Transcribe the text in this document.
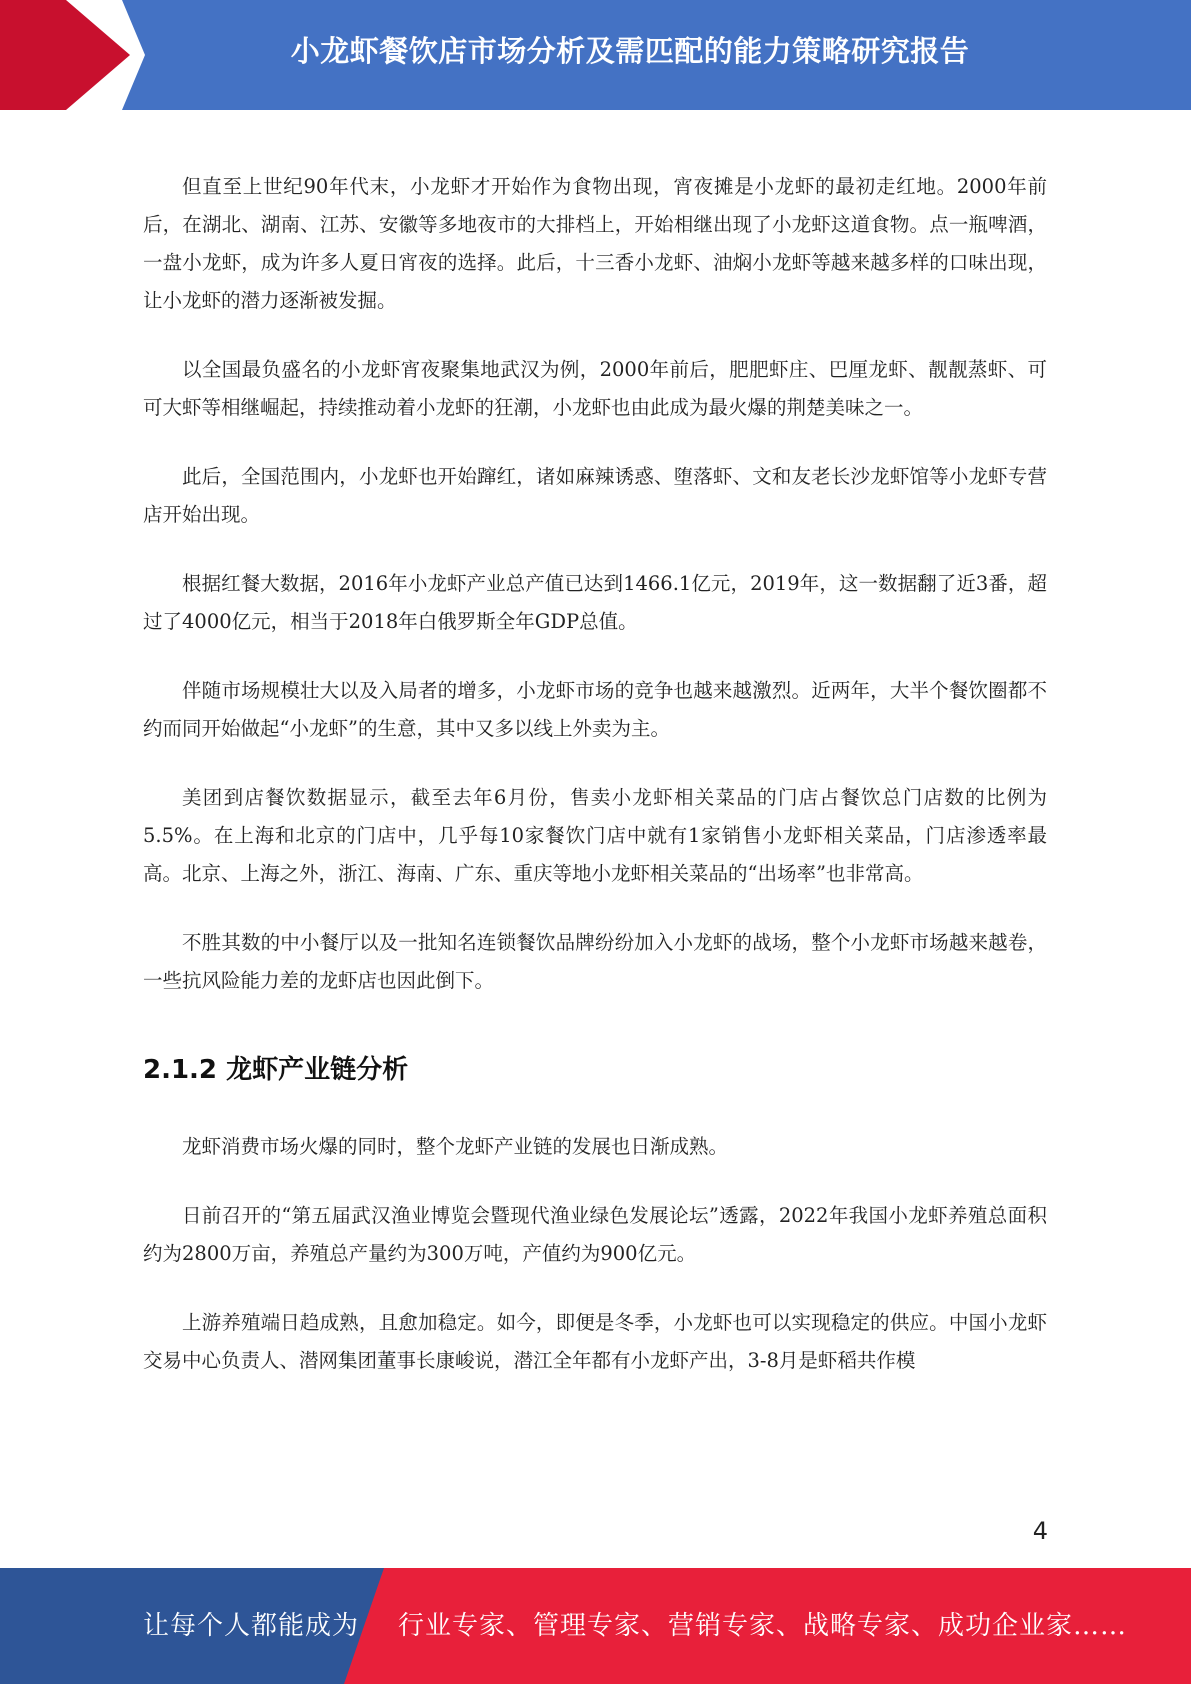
小龙虾餐饮店市场分析及需匹配的能力策略研究报告

但直至上世纪90年代末，小龙虾才开始作为食物出现，宵夜摊是小龙虾的最初走红地。2000年前后，在湖北、湖南、江苏、安徽等多地夜市的大排档上，开始相继出现了小龙虾这道食物。点一瓶啤酒，一盘小龙虾，成为许多人夏日宵夜的选择。此后，十三香小龙虾、油焖小龙虾等越来越多样的口味出现，让小龙虾的潜力逐渐被发掘。

以全国最负盛名的小龙虾宵夜聚集地武汉为例，2000年前后，肥肥虾庄、巴厘龙虾、靓靓蒸虾、可可大虾等相继崛起，持续推动着小龙虾的狂潮，小龙虾也由此成为最火爆的荆楚美味之一。

此后，全国范围内，小龙虾也开始蹿红，诸如麻辣诱惑、堕落虾、文和友老长沙龙虾馆等小龙虾专营店开始出现。

根据红餐大数据，2016年小龙虾产业总产值已达到1466.1亿元，2019年，这一数据翻了近3番，超过了4000亿元，相当于2018年白俄罗斯全年GDP总值。

伴随市场规模壮大以及入局者的增多，小龙虾市场的竞争也越来越激烈。近两年，大半个餐饮圈都不约而同开始做起“小龙虾”的生意，其中又多以线上外卖为主。

美团到店餐饮数据显示，截至去年6月份，售卖小龙虾相关菜品的门店占餐饮总门店数的比例为5.5%。在上海和北京的门店中，几乎每10家餐饮门店中就有1家销售小龙虾相关菜品，门店渗透率最高。北京、上海之外，浙江、海南、广东、重庆等地小龙虾相关菜品的“出场率”也非常高。

不胜其数的中小餐厅以及一批知名连锁餐饮品牌纷纷加入小龙虾的战场，整个小龙虾市场越来越卷，一些抗风险能力差的龙虾店也因此倒下。

2.1.2 龙虾产业链分析

龙虾消费市场火爆的同时，整个龙虾产业链的发展也日渐成熟。

日前召开的“第五届武汉渔业博览会暨现代渔业绿色发展论坛”透露，2022年我国小龙虾养殖总面积约为2800万亩，养殖总产量约为300万吨，产值约为900亿元。

上游养殖端日趋成熟，且愈加稳定。如今，即便是冬季，小龙虾也可以实现稳定的供应。中国小龙虾交易中心负责人、潜网集团董事长康峻说，潜江全年都有小龙虾产出，3-8月是虾稻共作模

4
让每个人都能成为 行业专家、管理专家、营销专家、战略专家、成功企业家……
